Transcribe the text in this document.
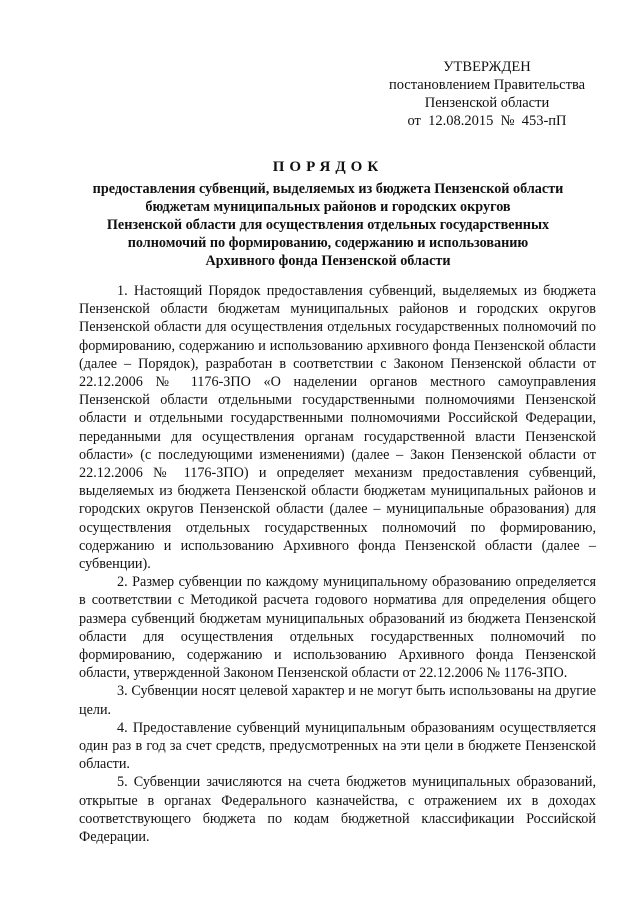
УТВЕРЖДЕН
постановлением Правительства
Пензенской области
от 12.08.2015 № 453-пП
ПОРЯДОК
предоставления субвенций, выделяемых из бюджета Пензенской области
бюджетам муниципальных районов и городских округов
Пензенской области для осуществления отдельных государственных
полномочий по формированию, содержанию и использованию
Архивного фонда Пензенской области

1. Настоящий Порядок предоставления субвенций, выделяемых из бюджета Пензенской области бюджетам муниципальных районов и городских округов Пензенской области для осуществления отдельных государственных полномочий по формированию, содержанию и использованию архивного фонда Пензенской области (далее – Порядок), разработан в соответствии с Законом Пензенской области от 22.12.2006 № 1176-ЗПО «О наделении органов местного самоуправления Пензенской области отдельными государственными полномочиями Пензенской области и отдельными государственными полномочиями Российской Федерации, переданными для осуществления органам государственной власти Пензенской области» (с последующими изменениями) (далее – Закон Пензенской области от 22.12.2006 № 1176-ЗПО) и определяет механизм предоставления субвенций, выделяемых из бюджета Пензенской области бюджетам муниципальных районов и городских округов Пензенской области (далее – муниципальные образования) для осуществления отдельных государственных полномочий по формированию, содержанию и использованию Архивного фонда Пензенской области (далее – субвенции).

2. Размер субвенции по каждому муниципальному образованию определяется в соответствии с Методикой расчета годового норматива для определения общего размера субвенций бюджетам муниципальных образований из бюджета Пензенской области для осуществления отдельных государственных полномочий по формированию, содержанию и использованию Архивного фонда Пензенской области, утвержденной Законом Пензенской области от 22.12.2006 № 1176-ЗПО.

3. Субвенции носят целевой характер и не могут быть использованы на другие цели.

4. Предоставление субвенций муниципальным образованиям осуществляется один раз в год за счет средств, предусмотренных на эти цели в бюджете Пензенской области.

5. Субвенции зачисляются на счета бюджетов муниципальных образований, открытые в органах Федерального казначейства, с отражением их в доходах соответствующего бюджета по кодам бюджетной классификации Российской Федерации.
